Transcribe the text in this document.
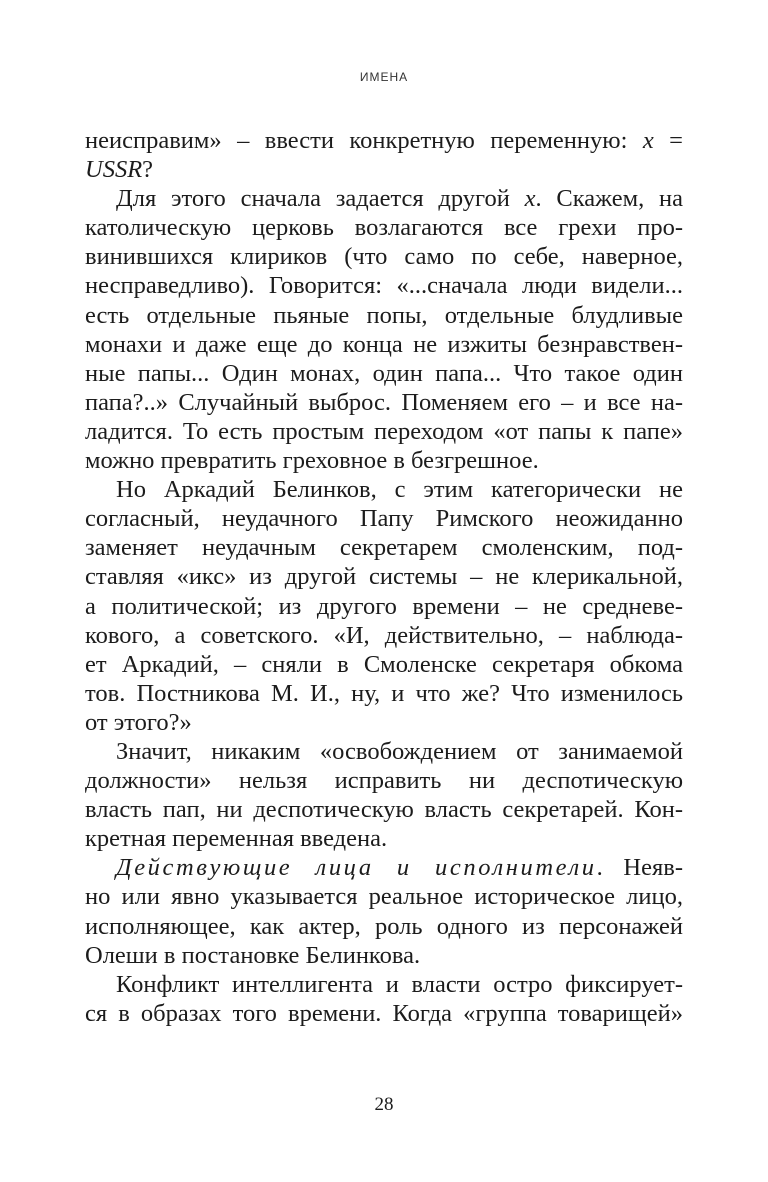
ИМЕНА
неисправим» – ввести конкретную переменную: x =
USSR?
Для этого сначала задается другой x. Скажем, на
католическую церковь возлагаются все грехи про-
винившихся клириков (что само по себе, наверное,
несправедливо). Говорится: «...сначала люди видели...
есть отдельные пьяные попы, отдельные блудливые
монахи и даже еще до конца не изжиты безнравствен-
ные папы... Один монах, один папа... Что такое один
папа?..» Случайный выброс. Поменяем его – и все на-
ладится. То есть простым переходом «от папы к папе»
можно превратить греховное в безгрешное.
Но Аркадий Белинков, с этим категорически не
согласный, неудачного Папу Римского неожиданно
заменяет неудачным секретарем смоленским, под-
ставляя «икс» из другой системы – не клерикальной,
а политической; из другого времени – не средневе-
кового, а советского. «И, действительно, – наблюда-
ет Аркадий, – сняли в Смоленске секретаря обкома
тов. Постникова М. И., ну, и что же? Что изменилось
от этого?»
Значит, никаким «освобождением от занимаемой
должности» нельзя исправить ни деспотическую
власть пап, ни деспотическую власть секретарей. Кон-
кретная переменная введена.
Действующие лица и исполнители. Неяв-
но или явно указывается реальное историческое лицо,
исполняющее, как актер, роль одного из персонажей
Олеши в постановке Белинкова.
Конфликт интеллигента и власти остро фиксирует-
ся в образах того времени. Когда «группа товарищей»
28
